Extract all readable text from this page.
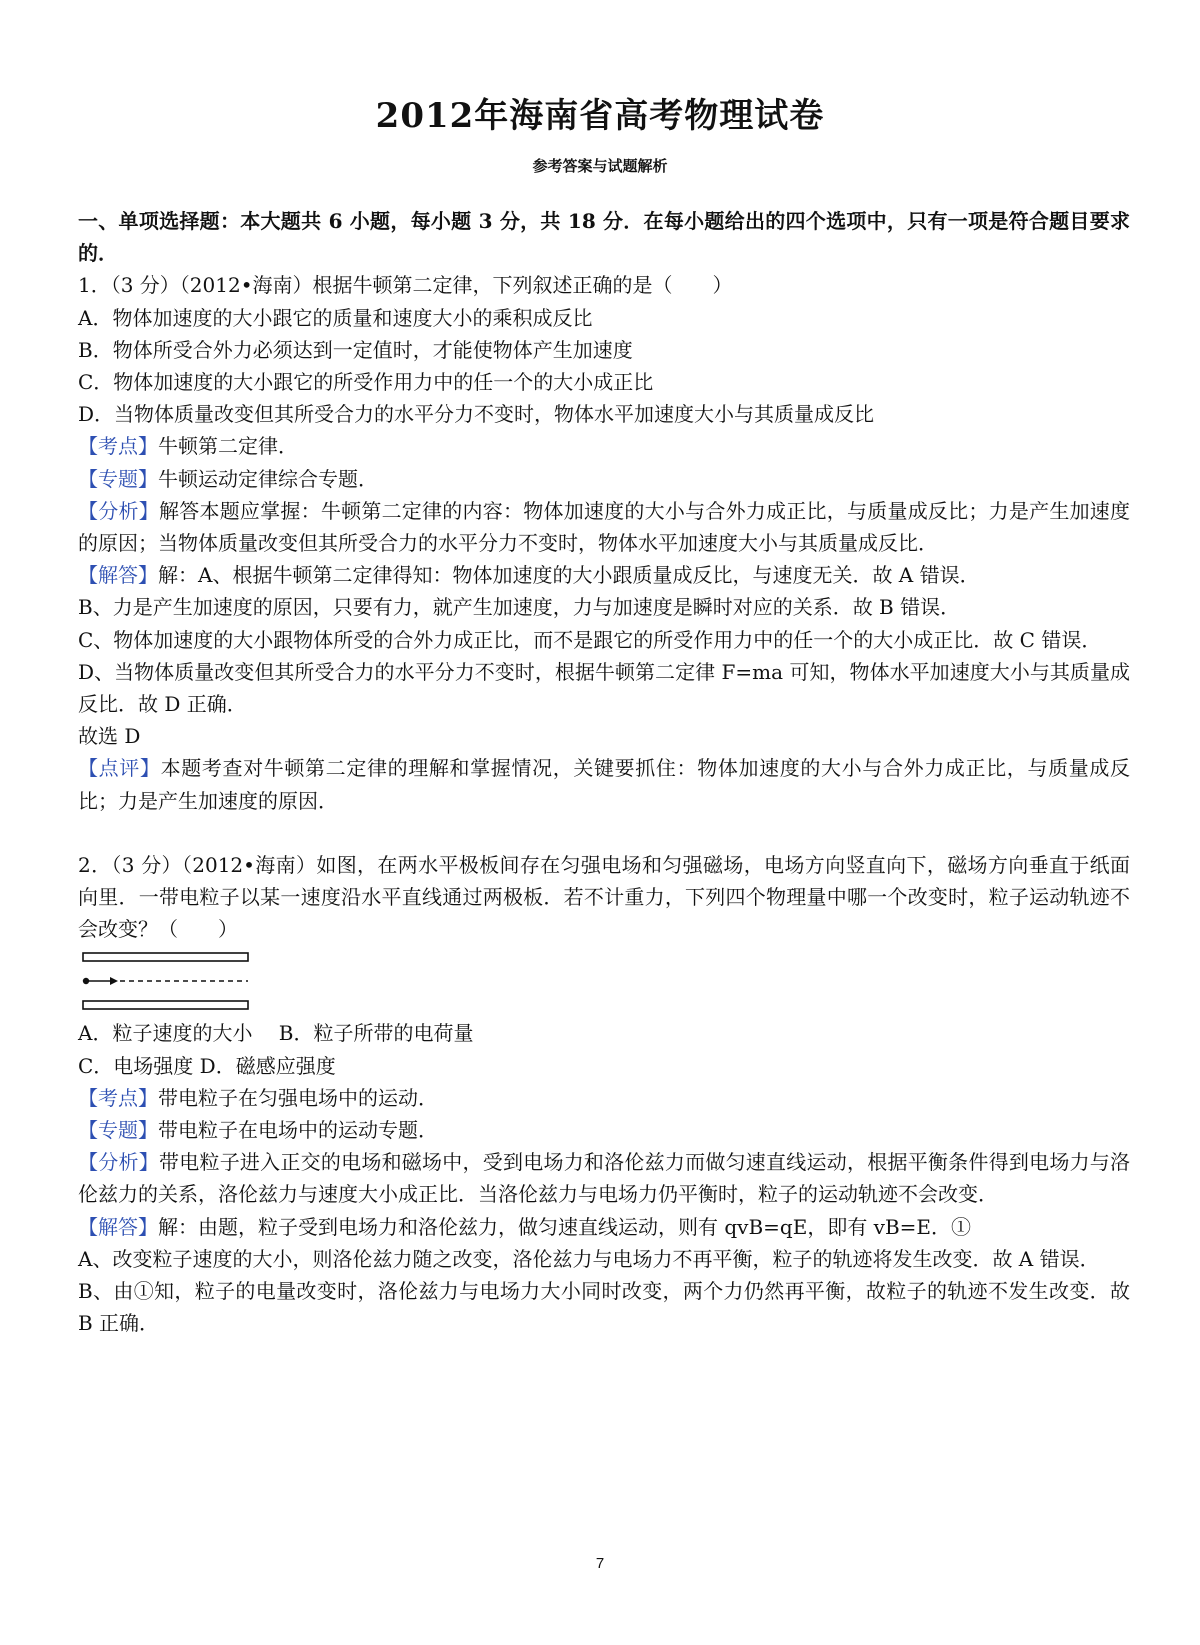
2012年海南省高考物理试卷

参考答案与试题解析

一、单项选择题：本大题共 6 小题，每小题 3 分，共 18 分．在每小题给出的四个选项中，只有一项是符合题目要求的．

1．（3 分）（2012•海南）根据牛顿第二定律，下列叙述正确的是（　　）

A．物体加速度的大小跟它的质量和速度大小的乘积成反比

B．物体所受合外力必须达到一定值时，才能使物体产生加速度

C．物体加速度的大小跟它的所受作用力中的任一个的大小成正比

D．当物体质量改变但其所受合力的水平分力不变时，物体水平加速度大小与其质量成反比

【考点】牛顿第二定律．

【专题】牛顿运动定律综合专题．

【分析】解答本题应掌握：牛顿第二定律的内容：物体加速度的大小与合外力成正比，与质量成反比；力是产生加速度的原因；当物体质量改变但其所受合力的水平分力不变时，物体水平加速度大小与其质量成反比．

【解答】解：A、根据牛顿第二定律得知：物体加速度的大小跟质量成反比，与速度无关．故 A 错误．

B、力是产生加速度的原因，只要有力，就产生加速度，力与加速度是瞬时对应的关系．故 B 错误．

C、物体加速度的大小跟物体所受的合外力成正比，而不是跟它的所受作用力中的任一个的大小成正比．故 C 错误．

D、当物体质量改变但其所受合力的水平分力不变时，根据牛顿第二定律 F=ma 可知，物体水平加速度大小与其质量成反比．故 D 正确．

故选 D

【点评】本题考查对牛顿第二定律的理解和掌握情况，关键要抓住：物体加速度的大小与合外力成正比，与质量成反比；力是产生加速度的原因．

2．（3 分）（2012•海南）如图，在两水平极板间存在匀强电场和匀强磁场，电场方向竖直向下，磁场方向垂直于纸面向里．一带电粒子以某一速度沿水平直线通过两极板．若不计重力，下列四个物理量中哪一个改变时，粒子运动轨迹不会改变？（　　）

A．粒子速度的大小　 B．粒子所带的电荷量

C．电场强度 D．磁感应强度

【考点】带电粒子在匀强电场中的运动．

【专题】带电粒子在电场中的运动专题．

【分析】带电粒子进入正交的电场和磁场中，受到电场力和洛伦兹力而做匀速直线运动，根据平衡条件得到电场力与洛伦兹力的关系，洛伦兹力与速度大小成正比．当洛伦兹力与电场力仍平衡时，粒子的运动轨迹不会改变．

【解答】解：由题，粒子受到电场力和洛伦兹力，做匀速直线运动，则有 qvB=qE，即有 vB=E．①

A、改变粒子速度的大小，则洛伦兹力随之改变，洛伦兹力与电场力不再平衡，粒子的轨迹将发生改变．故 A 错误．

B、由①知，粒子的电量改变时，洛伦兹力与电场力大小同时改变，两个力仍然再平衡，故粒子的轨迹不发生改变．故 B 正确．

7
